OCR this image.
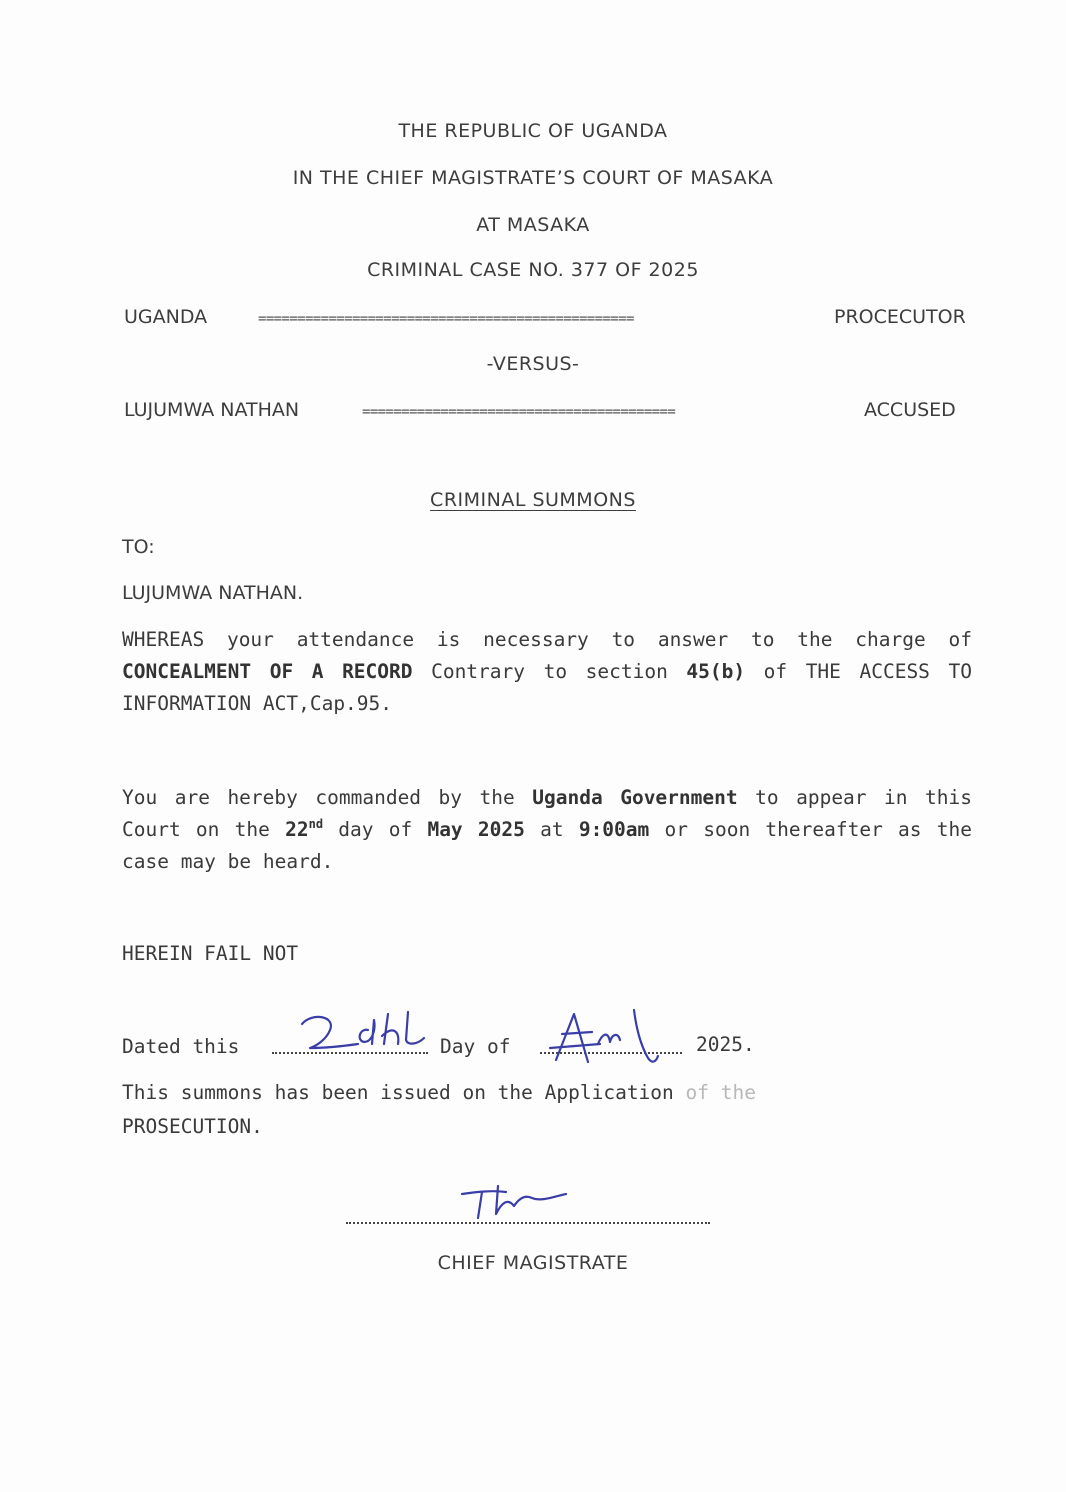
THE REPUBLIC OF UGANDA
IN THE CHIEF MAGISTRATE’S COURT OF MASAKA
AT MASAKA
CRIMINAL CASE NO. 377 OF 2025
UGANDA	================================================	PROCECUTOR
-VERSUS-
LUJUMWA NATHAN	========================================	ACCUSED
CRIMINAL SUMMONS
TO:
LUJUMWA NATHAN.
WHEREAS your attendance is necessary to answer to the charge of CONCEALMENT OF A RECORD Contrary to section 45(b) of THE ACCESS TO INFORMATION ACT,Cap.95.
You are hereby commanded by the Uganda Government to appear in this Court on the 22nd day of May 2025 at 9:00am or soon thereafter as the case may be heard.
HEREIN FAIL NOT
Dated this	Day of	2025.
This summons has been issued on the Application of the
PROSECUTION.
CHIEF MAGISTRATE
